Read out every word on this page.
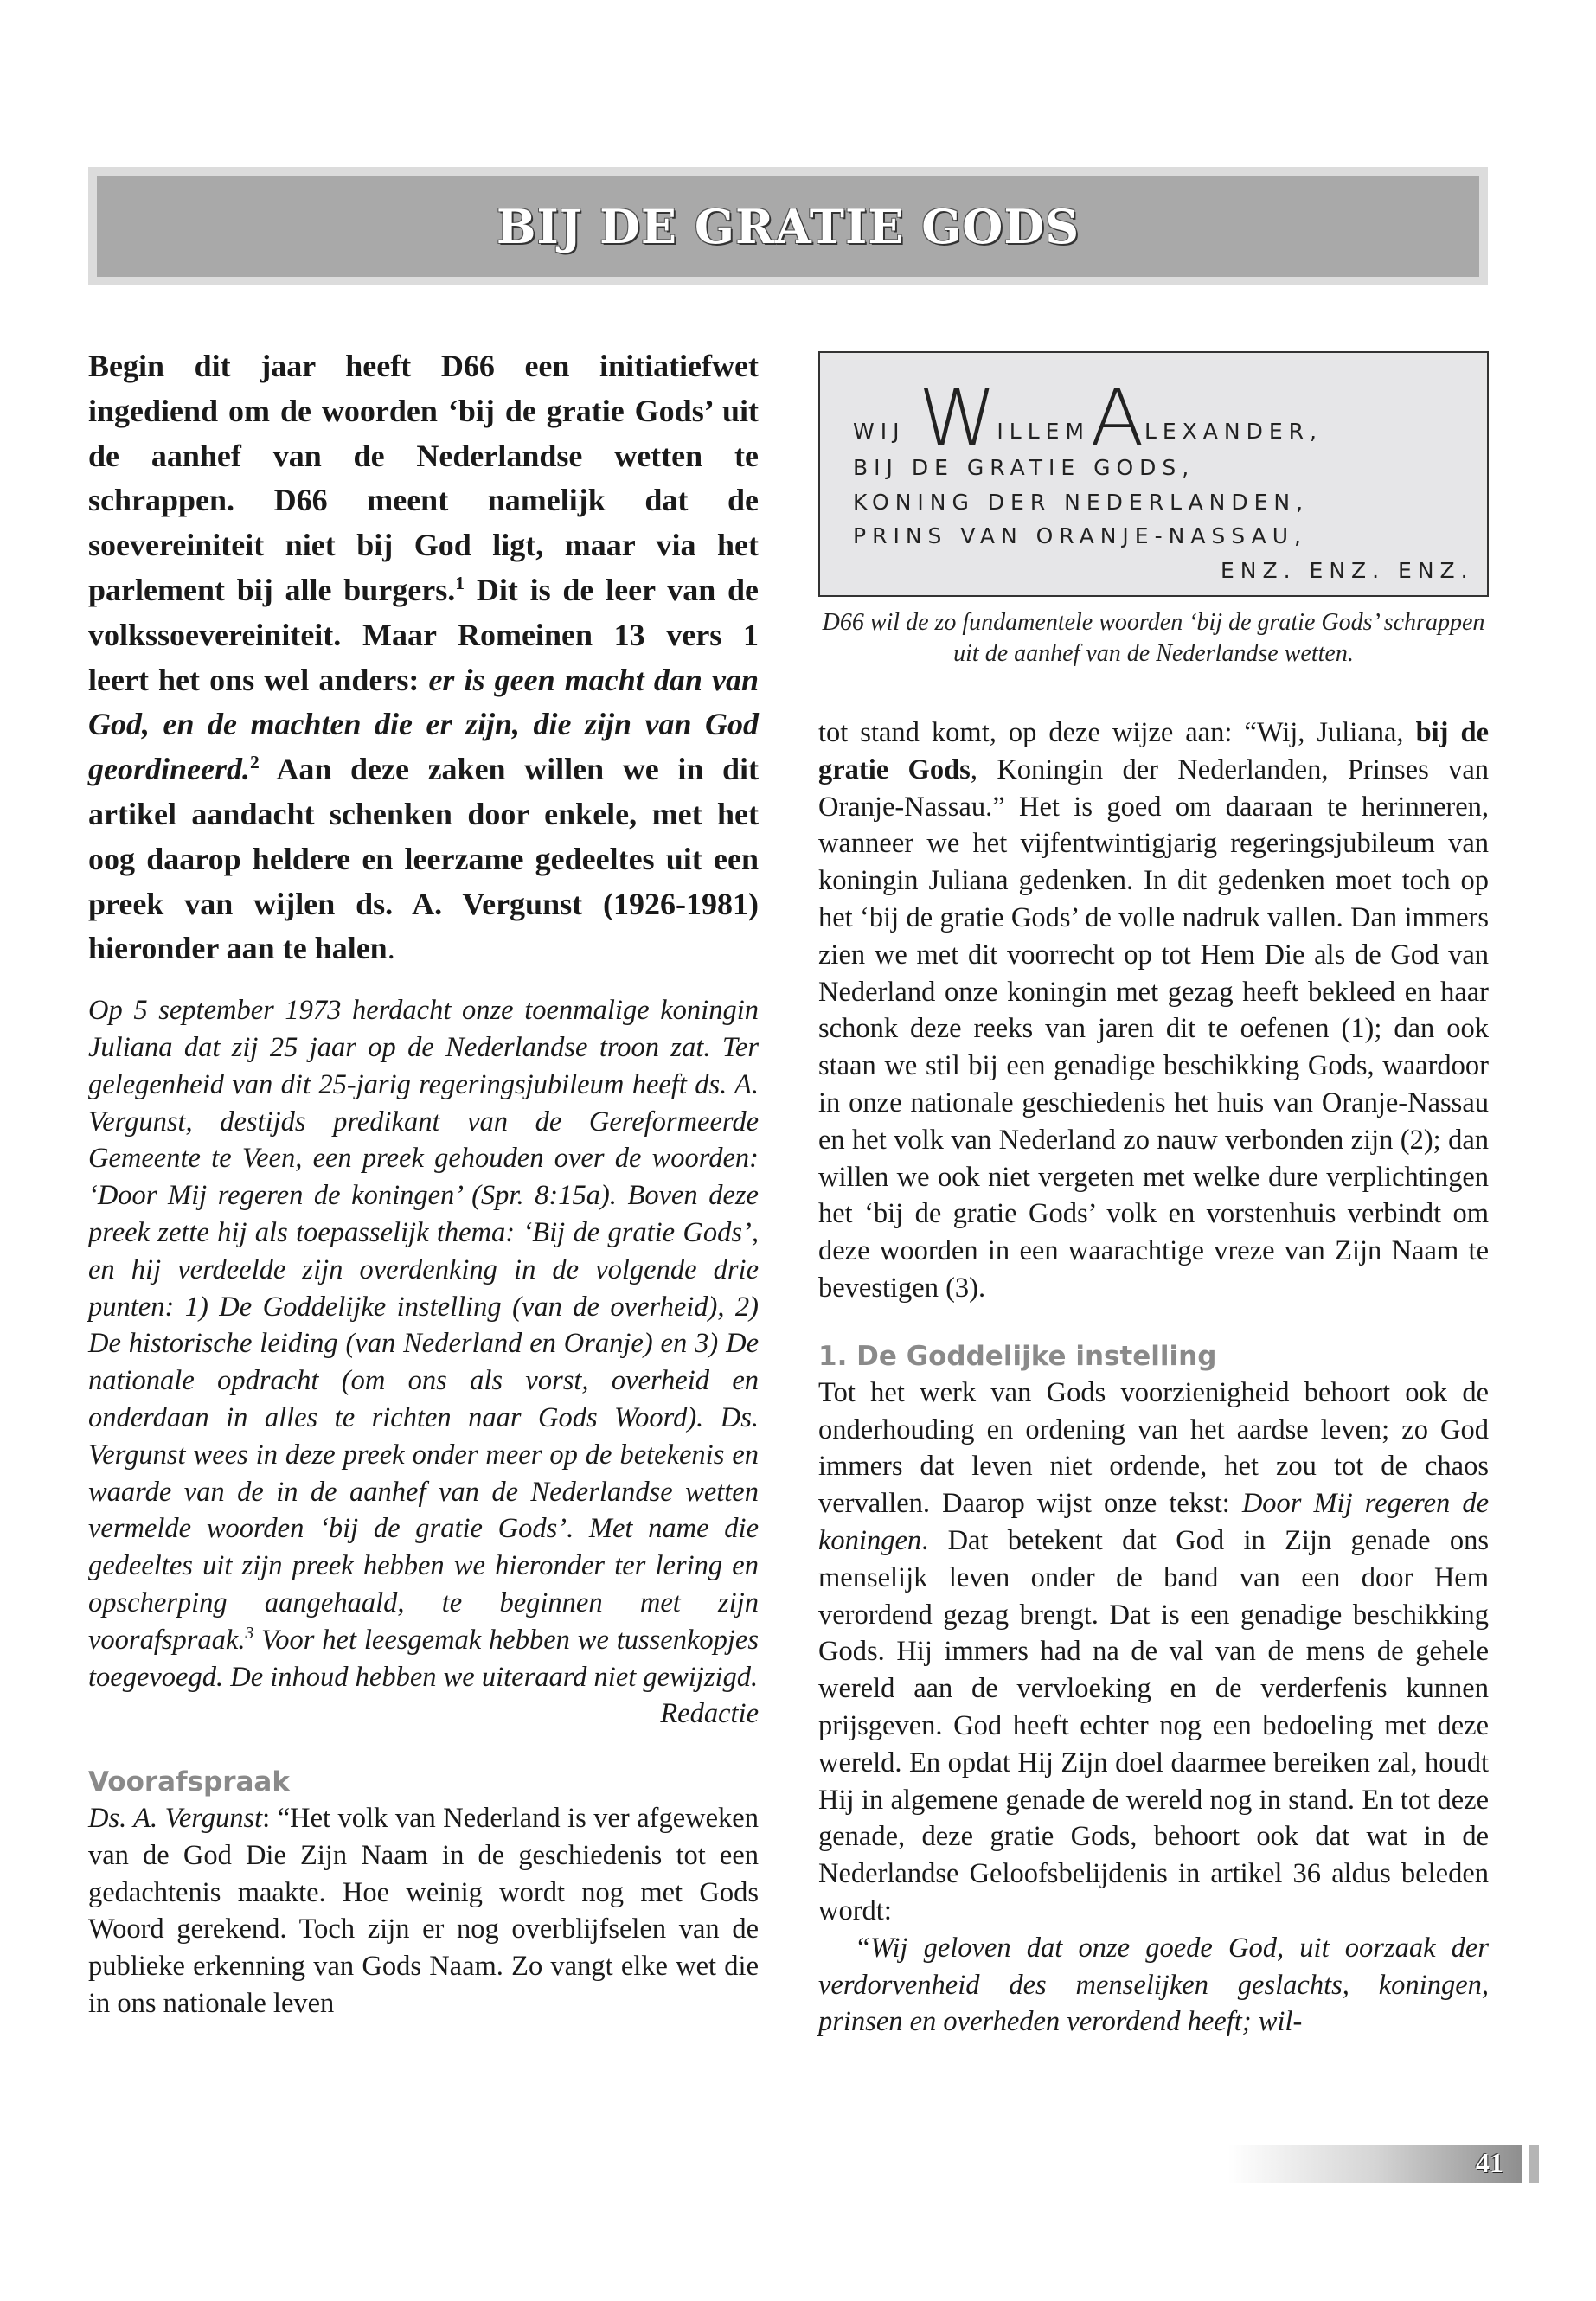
BIJ DE GRATIE GODS

Begin dit jaar heeft D66 een initiatiefwet ingediend om de woorden ‘bij de gratie Gods’ uit de aanhef van de Nederlandse wetten te schrappen. D66 meent namelijk dat de soevereiniteit niet bij God ligt, maar via het parlement bij alle burgers.$^1$ Dit is de leer van de volkssoevereiniteit. Maar Romeinen 13 vers 1 leert het ons wel anders: er is geen macht dan van God, en de machten die er zijn, die zijn van God geordineerd.$^2$ Aan deze zaken willen we in dit artikel aandacht schenken door enkele, met het oog daarop heldere en leerzame gedeeltes uit een preek van wijlen ds. A. Vergunst (1926-1981) hieronder aan te halen.

Op 5 september 1973 herdacht onze toenmalige koningin Juliana dat zij 25 jaar op de Nederlandse troon zat. Ter gelegenheid van dit 25-jarig regeringsjubileum heeft ds. A. Vergunst, destijds predikant van de Gereformeerde Gemeente te Veen, een preek gehouden over de woorden: ‘Door Mij regeren de koningen’ (Spr. 8:15a). Boven deze preek zette hij als toepasselijk thema: ‘Bij de gratie Gods’, en hij verdeelde zijn overdenking in de volgende drie punten: 1) De Goddelijke instelling (van de overheid), 2) De historische leiding (van Nederland en Oranje) en 3) De nationale opdracht (om ons als vorst, overheid en onderdaan in alles te richten naar Gods Woord). Ds. Vergunst wees in deze preek onder meer op de betekenis en waarde van de in de aanhef van de Nederlandse wetten vermelde woorden ‘bij de gratie Gods’. Met name die gedeeltes uit zijn preek hebben we hieronder ter lering en opscherping aangehaald, te beginnen met zijn voorafspraak.$^3$ Voor het leesgemak hebben we tussenkopjes toegevoegd. De inhoud hebben we uiteraard niet gewijzigd.

Redactie

Voorafspraak

Ds. A. Vergunst: “Het volk van Nederland is ver afgeweken van de God Die Zijn Naam in de geschiedenis tot een gedachtenis maakte. Hoe weinig wordt nog met Gods Woord gerekend. Toch zijn er nog overblijfselen van de publieke erkenning van Gods Naam. Zo vangt elke wet die in ons nationale leven

WIJ WILLEMALEXANDER,
BIJ DE GRATIE GODS,
KONING DER NEDERLANDEN,
PRINS VAN ORANJE-NASSAU,
ENZ. ENZ. ENZ.

D66 wil de zo fundamentele woorden ‘bij de gratie Gods’ schrappen uit de aanhef van de Nederlandse wetten.

tot stand komt, op deze wijze aan: “Wij, Juliana, bij de gratie Gods, Koningin der Nederlanden, Prinses van Oranje-Nassau.” Het is goed om daaraan te herinneren, wanneer we het vijfentwintigjarig regeringsjubileum van koningin Juliana gedenken. In dit gedenken moet toch op het ‘bij de gratie Gods’ de volle nadruk vallen. Dan immers zien we met dit voorrecht op tot Hem Die als de God van Nederland onze koningin met gezag heeft bekleed en haar schonk deze reeks van jaren dit te oefenen (1); dan ook staan we stil bij een genadige beschikking Gods, waardoor in onze nationale geschiedenis het huis van Oranje-Nassau en het volk van Nederland zo nauw verbonden zijn (2); dan willen we ook niet vergeten met welke dure verplichtingen het ‘bij de gratie Gods’ volk en vorstenhuis verbindt om deze woorden in een waarachtige vreze van Zijn Naam te bevestigen (3).

1. De Goddelijke instelling

Tot het werk van Gods voorzienigheid behoort ook de onderhouding en ordening van het aardse leven; zo God immers dat leven niet ordende, het zou tot de chaos vervallen. Daarop wijst onze tekst: Door Mij regeren de koningen. Dat betekent dat God in Zijn genade ons menselijk leven onder de band van een door Hem verordend gezag brengt. Dat is een genadige beschikking Gods. Hij immers had na de val van de mens de gehele wereld aan de vervloeking en de verderfenis kunnen prijsgeven. God heeft echter nog een bedoeling met deze wereld. En opdat Hij Zijn doel daarmee bereiken zal, houdt Hij in algemene genade de wereld nog in stand. En tot deze genade, deze gratie Gods, behoort ook dat wat in de Nederlandse Geloofsbelijdenis in artikel 36 aldus beleden wordt:

“Wij geloven dat onze goede God, uit oorzaak der verdorvenheid des menselijken geslachts, koningen, prinsen en overheden verordend heeft; wil-

41
